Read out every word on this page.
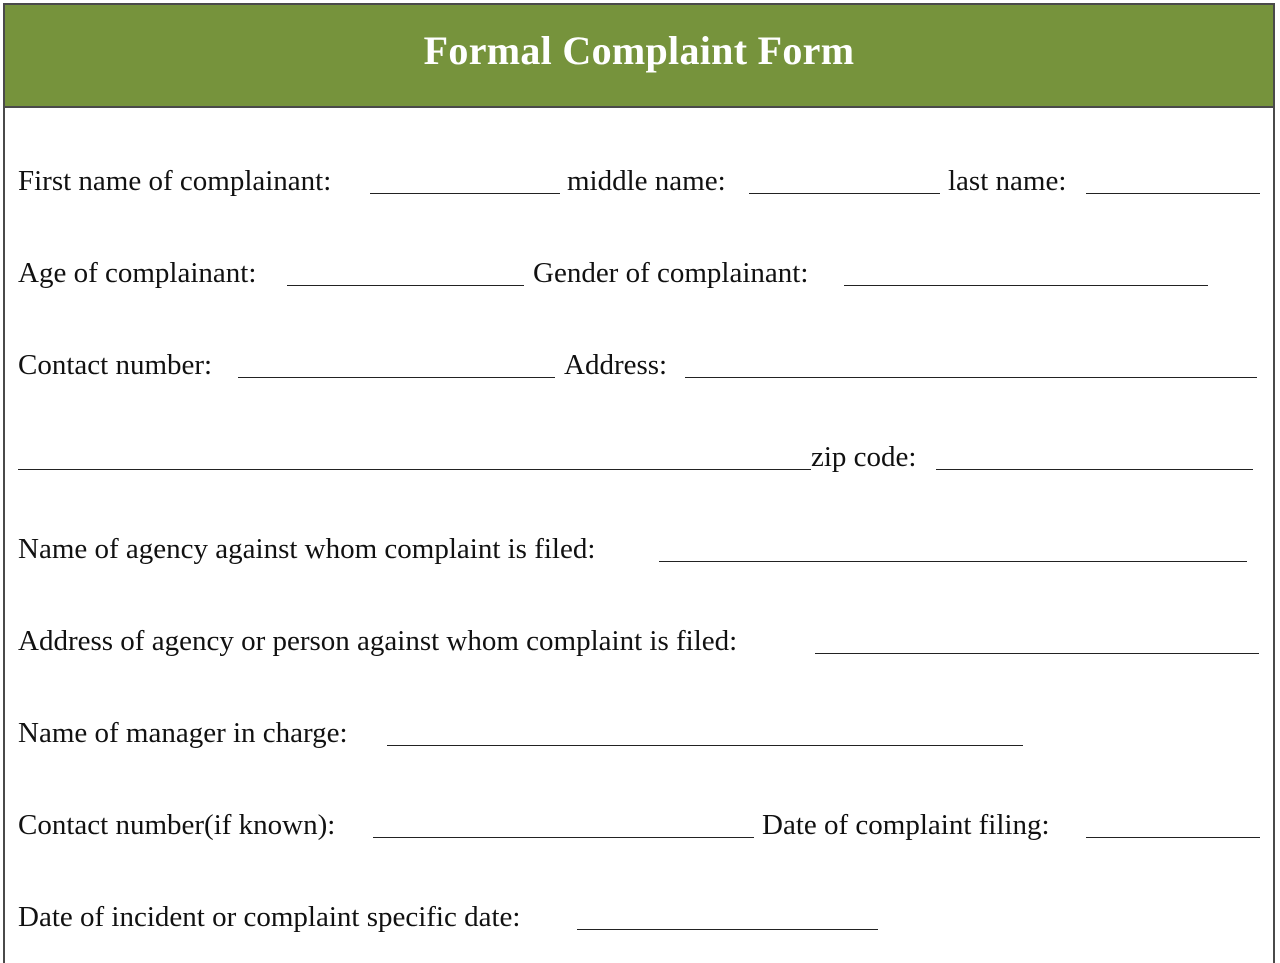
Formal Complaint Form
First name of complainant:	middle name:	last name:
Age of complainant:	Gender of complainant:
Contact number:	Address:
zip code:
Name of agency against whom complaint is filed:
Address of agency or person against whom complaint is filed:
Name of manager in charge:
Contact number(if known):	Date of complaint filing:
Date of incident or complaint specific date:
